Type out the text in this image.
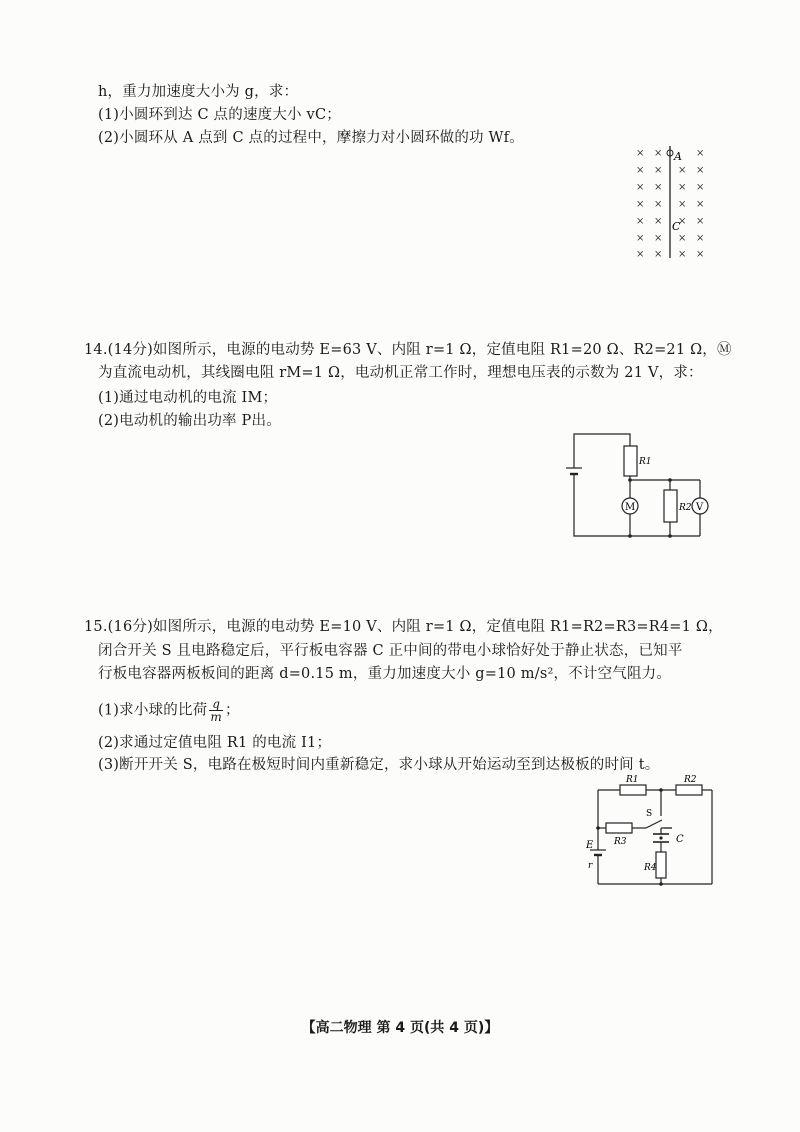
h，重力加速度大小为 g，求：
(1)小圆环到达 C 点的速度大小 vC；
(2)小圆环从 A 点到 C 点的过程中，摩擦力对小圆环做的功 Wf。
A
C
× ×	×
× × × ×
× × × ×
× × × ×
× × × ×
× × × ×
× × × ×
14.(14分)如图所示，电源的电动势 E=63 V、内阻 r=1 Ω，定值电阻 R1=20 Ω、R2=21 Ω，Ⓜ
为直流电动机，其线圈电阻 rM=1 Ω，电动机正常工作时，理想电压表的示数为 21 V，求：
(1)通过电动机的电流 IM；
(2)电动机的输出功率 P出。
R1
R2
M	V
15.(16分)如图所示，电源的电动势 E=10 V、内阻 r=1 Ω，定值电阻 R1=R2=R3=R4=1 Ω，
闭合开关 S 且电路稳定后，平行板电容器 C 正中间的带电小球恰好处于静止状态，已知平
行板电容器两板板间的距离 d=0.15 m，重力加速度大小 g=10 m/s²，不计空气阻力。
(1)求小球的比荷 $\frac{q}{m}$ ；
(2)求通过定值电阻 R1 的电流 I1；
(3)断开开关 S，电路在极短时间内重新稳定，求小球从开始运动至到达极板的时间 t。
R1	R2
R3
R4
S
C
E
r
【高二物理 第 4 页(共 4 页)】
